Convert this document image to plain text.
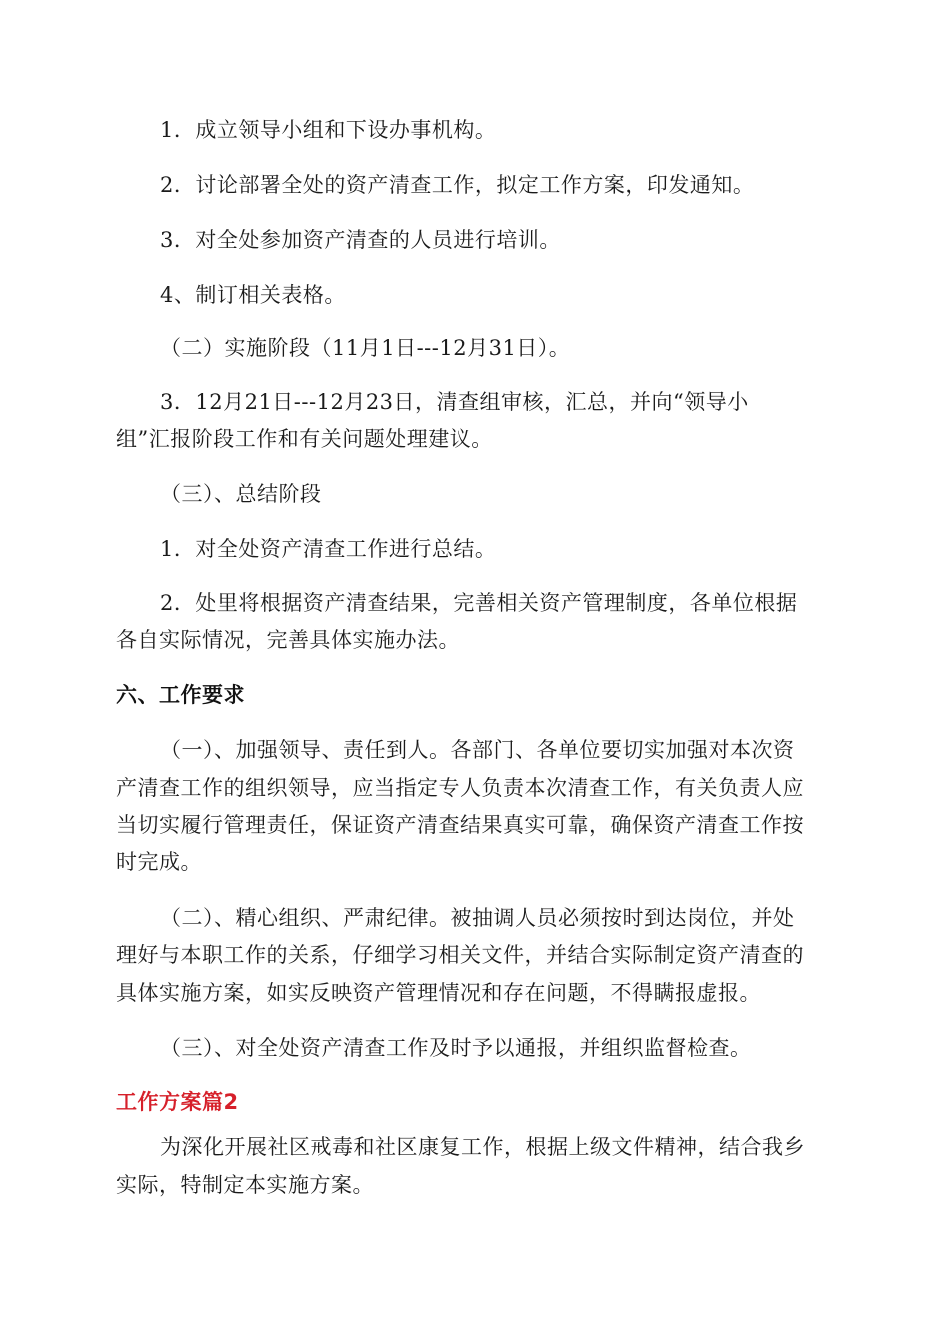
1．成立领导小组和下设办事机构。
2．讨论部署全处的资产清查工作，拟定工作方案，印发通知。
3．对全处参加资产清查的人员进行培训。
4、制订相关表格。
（二）实施阶段（11月1日---12月31日）。
3．12月21日---12月23日，清查组审核，汇总，并向“领导小
组”汇报阶段工作和有关问题处理建议。
（三）、总结阶段
1．对全处资产清查工作进行总结。
2．处里将根据资产清查结果，完善相关资产管理制度，各单位根据
各自实际情况，完善具体实施办法。
六、工作要求
（一）、加强领导、责任到人。各部门、各单位要切实加强对本次资
产清查工作的组织领导，应当指定专人负责本次清查工作，有关负责人应
当切实履行管理责任，保证资产清查结果真实可靠，确保资产清查工作按
时完成。
（二）、精心组织、严肃纪律。被抽调人员必须按时到达岗位，并处
理好与本职工作的关系，仔细学习相关文件，并结合实际制定资产清查的
具体实施方案，如实反映资产管理情况和存在问题，不得瞒报虚报。
（三）、对全处资产清查工作及时予以通报，并组织监督检查。
工作方案篇2
为深化开展社区戒毒和社区康复工作，根据上级文件精神，结合我乡
实际，特制定本实施方案。
